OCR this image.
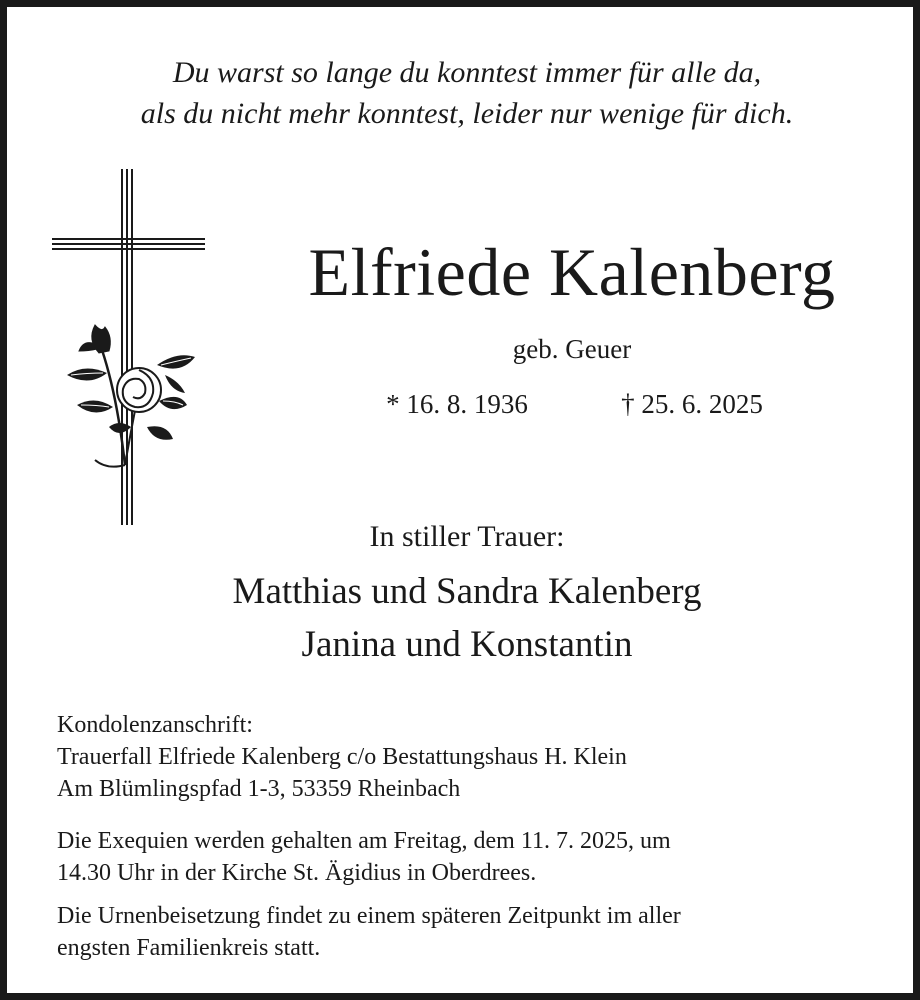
Du warst so lange du konntest immer für alle da,
als du nicht mehr konntest, leider nur wenige für dich.
Elfriede Kalenberg
geb. Geuer
* 16. 8. 1936	† 25. 6. 2025
In stiller Trauer:
Matthias und Sandra Kalenberg
Janina und Konstantin
Kondolenzanschrift:
Trauerfall Elfriede Kalenberg c/o Bestattungshaus H. Klein
Am Blümlingspfad 1-3, 53359 Rheinbach
Die Exequien werden gehalten am Freitag, dem 11. 7. 2025, um
14.30 Uhr in der Kirche St. Ägidius in Oberdrees.
Die Urnenbeisetzung findet zu einem späteren Zeitpunkt im aller
engsten Familienkreis statt.
